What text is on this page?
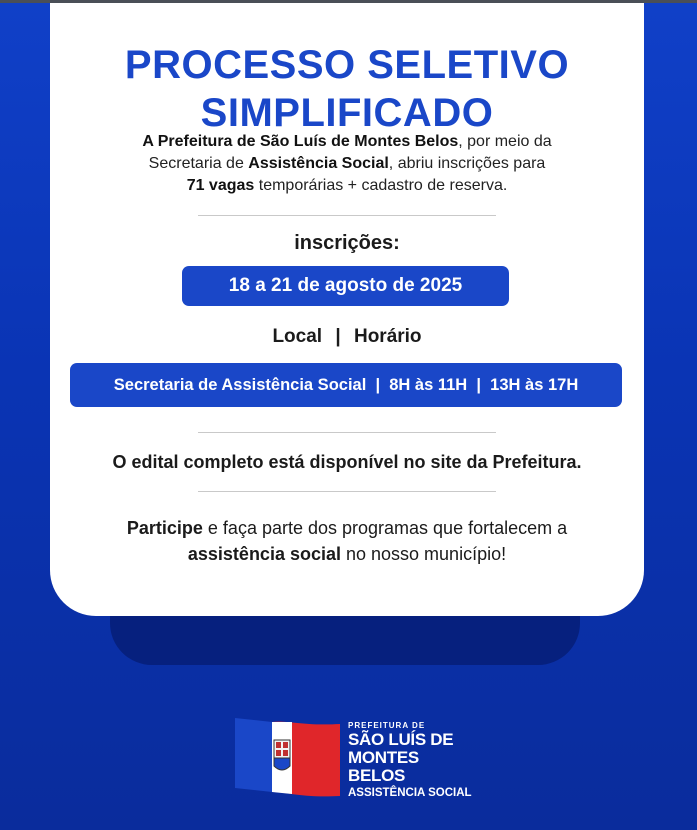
PROCESSO SELETIVO
SIMPLIFICADO
A Prefeitura de São Luís de Montes Belos, por meio da
Secretaria de Assistência Social, abriu inscrições para
71 vagas temporárias + cadastro de reserva.
inscrições:
18 a 21 de agosto de 2025
Local | Horário
Secretaria de Assistência Social  |  8H às 11H  |  13H às 17H
O edital completo está disponível no site da Prefeitura.
Participe e faça parte dos programas que fortalecem a
assistência social no nosso município!
PREFEITURA DE
SÃO LUÍS DE
MONTES BELOS
ASSISTÊNCIA SOCIAL
